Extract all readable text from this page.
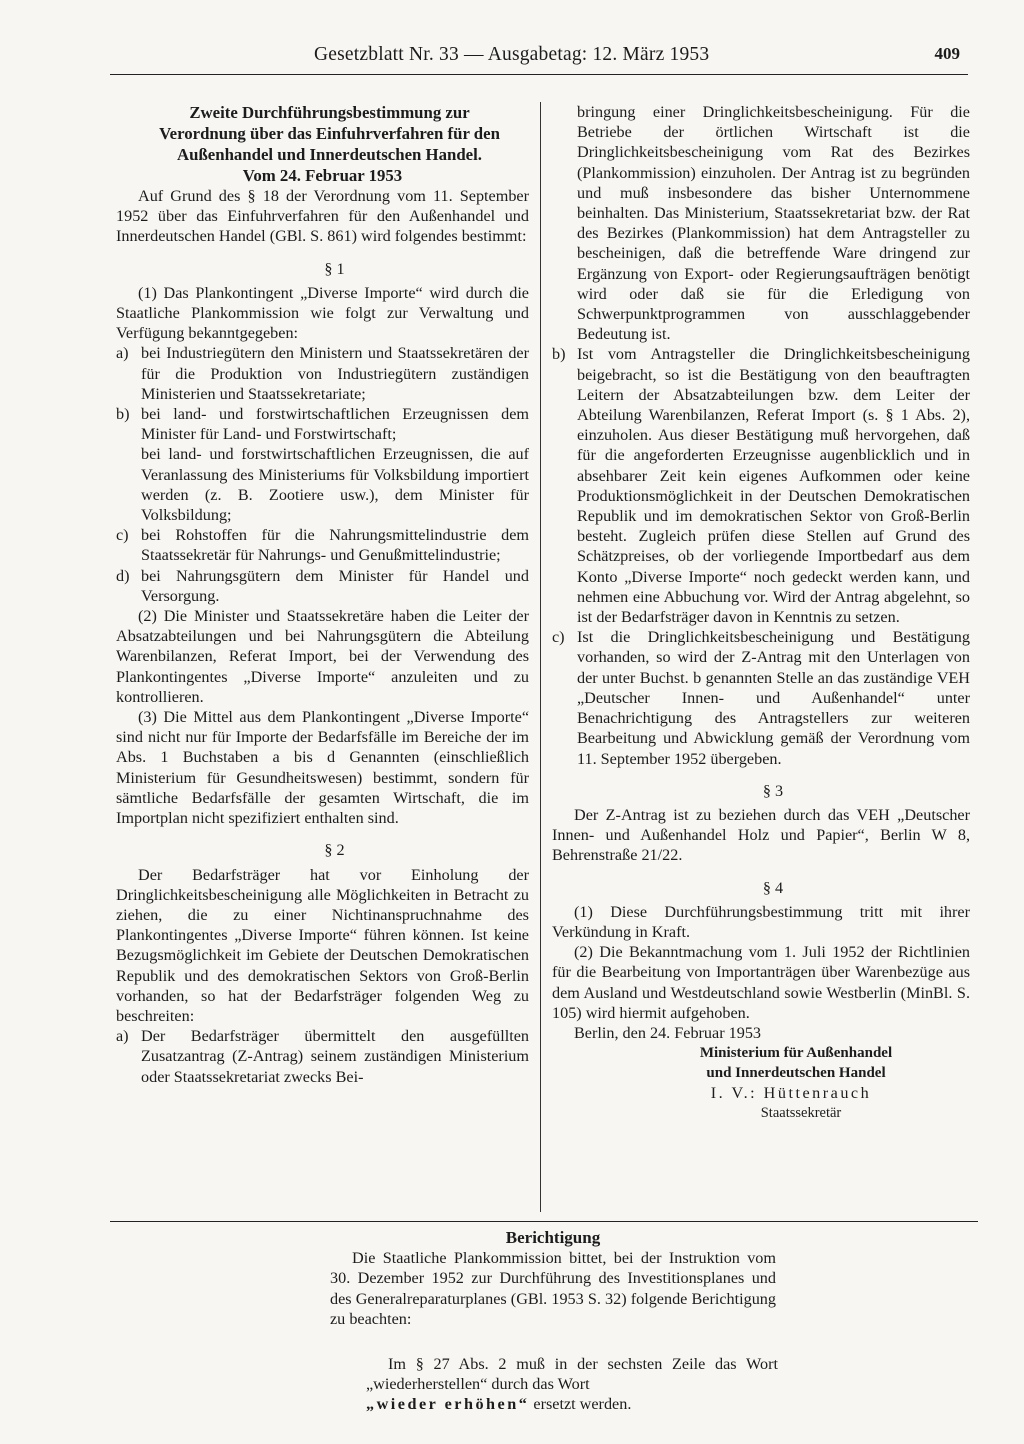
Gesetzblatt Nr. 33 — Ausgabetag: 12. März 1953	409

Zweite Durchführungsbestimmung zur Verordnung über das Einfuhrverfahren für den Außenhandel und Innerdeutschen Handel.

Vom 24. Februar 1953

Auf Grund des § 18 der Verordnung vom 11. September 1952 über das Einfuhrverfahren für den Außenhandel und Innerdeutschen Handel (GBl. S. 861) wird folgendes bestimmt:

§ 1

(1) Das Plankontingent „Diverse Importe“ wird durch die Staatliche Plankommission wie folgt zur Verwaltung und Verfügung bekanntgegeben:

a) bei Industriegütern den Ministern und Staatssekretären der für die Produktion von Industriegütern zuständigen Ministerien und Staatssekretariate;

b) bei land- und forstwirtschaftlichen Erzeugnissen dem Minister für Land- und Forstwirtschaft;

bei land- und forstwirtschaftlichen Erzeugnissen, die auf Veranlassung des Ministeriums für Volksbildung importiert werden (z. B. Zootiere usw.), dem Minister für Volksbildung;

c) bei Rohstoffen für die Nahrungsmittelindustrie dem Staatssekretär für Nahrungs- und Genußmittelindustrie;

d) bei Nahrungsgütern dem Minister für Handel und Versorgung.

(2) Die Minister und Staatssekretäre haben die Leiter der Absatzabteilungen und bei Nahrungsgütern die Abteilung Warenbilanzen, Referat Import, bei der Verwendung des Plankontingentes „Diverse Importe“ anzuleiten und zu kontrollieren.

(3) Die Mittel aus dem Plankontingent „Diverse Importe“ sind nicht nur für Importe der Bedarfsfälle im Bereiche der im Abs. 1 Buchstaben a bis d Genannten (einschließlich Ministerium für Gesundheitswesen) bestimmt, sondern für sämtliche Bedarfsfälle der gesamten Wirtschaft, die im Importplan nicht spezifiziert enthalten sind.

§ 2

Der Bedarfsträger hat vor Einholung der Dringlichkeitsbescheinigung alle Möglichkeiten in Betracht zu ziehen, die zu einer Nichtinanspruchnahme des Plankontingentes „Diverse Importe“ führen können. Ist keine Bezugsmöglichkeit im Gebiete der Deutschen Demokratischen Republik und des demokratischen Sektors von Groß-Berlin vorhanden, so hat der Bedarfsträger folgenden Weg zu beschreiten:

a) Der Bedarfsträger übermittelt den ausgefüllten Zusatzantrag (Z-Antrag) seinem zuständigen Ministerium oder Staatssekretariat zwecks Bei-

bringung einer Dringlichkeitsbescheinigung. Für die Betriebe der örtlichen Wirtschaft ist die Dringlichkeitsbescheinigung vom Rat des Bezirkes (Plankommission) einzuholen. Der Antrag ist zu begründen und muß insbesondere das bisher Unternommene beinhalten. Das Ministerium, Staatssekretariat bzw. der Rat des Bezirkes (Plankommission) hat dem Antragsteller zu bescheinigen, daß die betreffende Ware dringend zur Ergänzung von Export- oder Regierungsaufträgen benötigt wird oder daß sie für die Erledigung von Schwerpunktprogrammen von ausschlaggebender Bedeutung ist.

b) Ist vom Antragsteller die Dringlichkeitsbescheinigung beigebracht, so ist die Bestätigung von den beauftragten Leitern der Absatzabteilungen bzw. dem Leiter der Abteilung Warenbilanzen, Referat Import (s. § 1 Abs. 2), einzuholen. Aus dieser Bestätigung muß hervorgehen, daß für die angeforderten Erzeugnisse augenblicklich und in absehbarer Zeit kein eigenes Aufkommen oder keine Produktionsmöglichkeit in der Deutschen Demokratischen Republik und im demokratischen Sektor von Groß-Berlin besteht. Zugleich prüfen diese Stellen auf Grund des Schätzpreises, ob der vorliegende Importbedarf aus dem Konto „Diverse Importe“ noch gedeckt werden kann, und nehmen eine Abbuchung vor. Wird der Antrag abgelehnt, so ist der Bedarfsträger davon in Kenntnis zu setzen.

c) Ist die Dringlichkeitsbescheinigung und Bestätigung vorhanden, so wird der Z-Antrag mit den Unterlagen von der unter Buchst. b genannten Stelle an das zuständige VEH „Deutscher Innen- und Außenhandel“ unter Benachrichtigung des Antragstellers zur weiteren Bearbeitung und Abwicklung gemäß der Verordnung vom 11. September 1952 übergeben.

§ 3

Der Z-Antrag ist zu beziehen durch das VEH „Deutscher Innen- und Außenhandel Holz und Papier“, Berlin W 8, Behrenstraße 21/22.

§ 4

(1) Diese Durchführungsbestimmung tritt mit ihrer Verkündung in Kraft.

(2) Die Bekanntmachung vom 1. Juli 1952 der Richtlinien für die Bearbeitung von Importanträgen über Warenbezüge aus dem Ausland und Westdeutschland sowie Westberlin (MinBl. S. 105) wird hiermit aufgehoben.

Berlin, den 24. Februar 1953

Ministerium für Außenhandel

und Innerdeutschen Handel

I. V.: Hüttenrauch

Staatssekretär

Berichtigung

Die Staatliche Plankommission bittet, bei der Instruktion vom 30. Dezember 1952 zur Durchführung des Investitionsplanes und des Generalreparaturplanes (GBl. 1953 S. 32) folgende Berichtigung zu beachten:

Im § 27 Abs. 2 muß in der sechsten Zeile das Wort „wiederherstellen“ durch das Wort
„wieder erhöhen“ ersetzt werden.
